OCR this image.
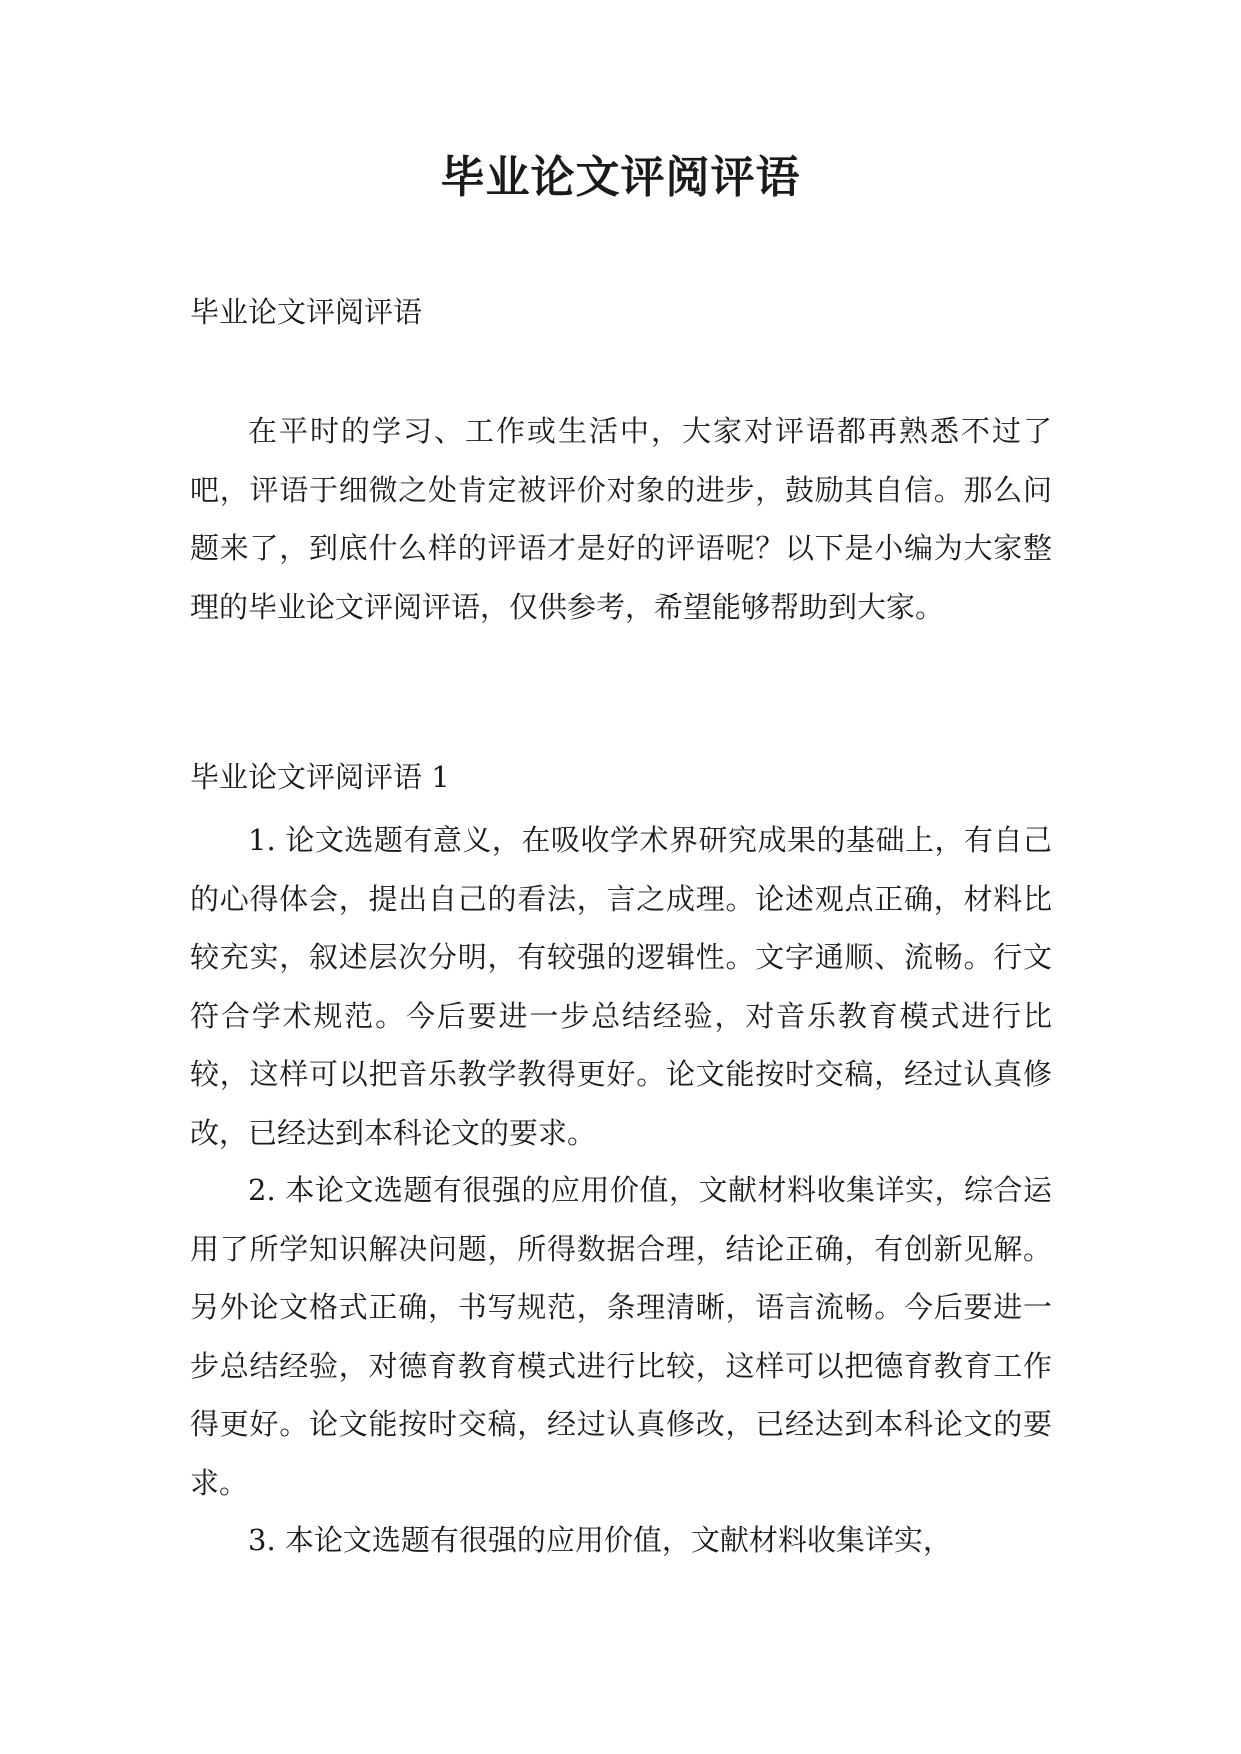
毕业论文评阅评语

毕业论文评阅评语

在平时的学习、工作或生活中，大家对评语都再熟悉不过了吧，评语于细微之处肯定被评价对象的进步，鼓励其自信。那么问题来了，到底什么样的评语才是好的评语呢？以下是小编为大家整理的毕业论文评阅评语，仅供参考，希望能够帮助到大家。

毕业论文评阅评语 1

1. 论文选题有意义，在吸收学术界研究成果的基础上，有自己的心得体会，提出自己的看法，言之成理。论述观点正确，材料比较充实，叙述层次分明，有较强的逻辑性。文字通顺、流畅。行文符合学术规范。今后要进一步总结经验，对音乐教育模式进行比较，这样可以把音乐教学教得更好。论文能按时交稿，经过认真修改，已经达到本科论文的要求。

2. 本论文选题有很强的应用价值，文献材料收集详实，综合运用了所学知识解决问题，所得数据合理，结论正确，有创新见解。另外论文格式正确，书写规范，条理清晰，语言流畅。今后要进一步总结经验，对德育教育模式进行比较，这样可以把德育教育工作得更好。论文能按时交稿，经过认真修改，已经达到本科论文的要求。

3. 本论文选题有很强的应用价值，文献材料收集详实，
